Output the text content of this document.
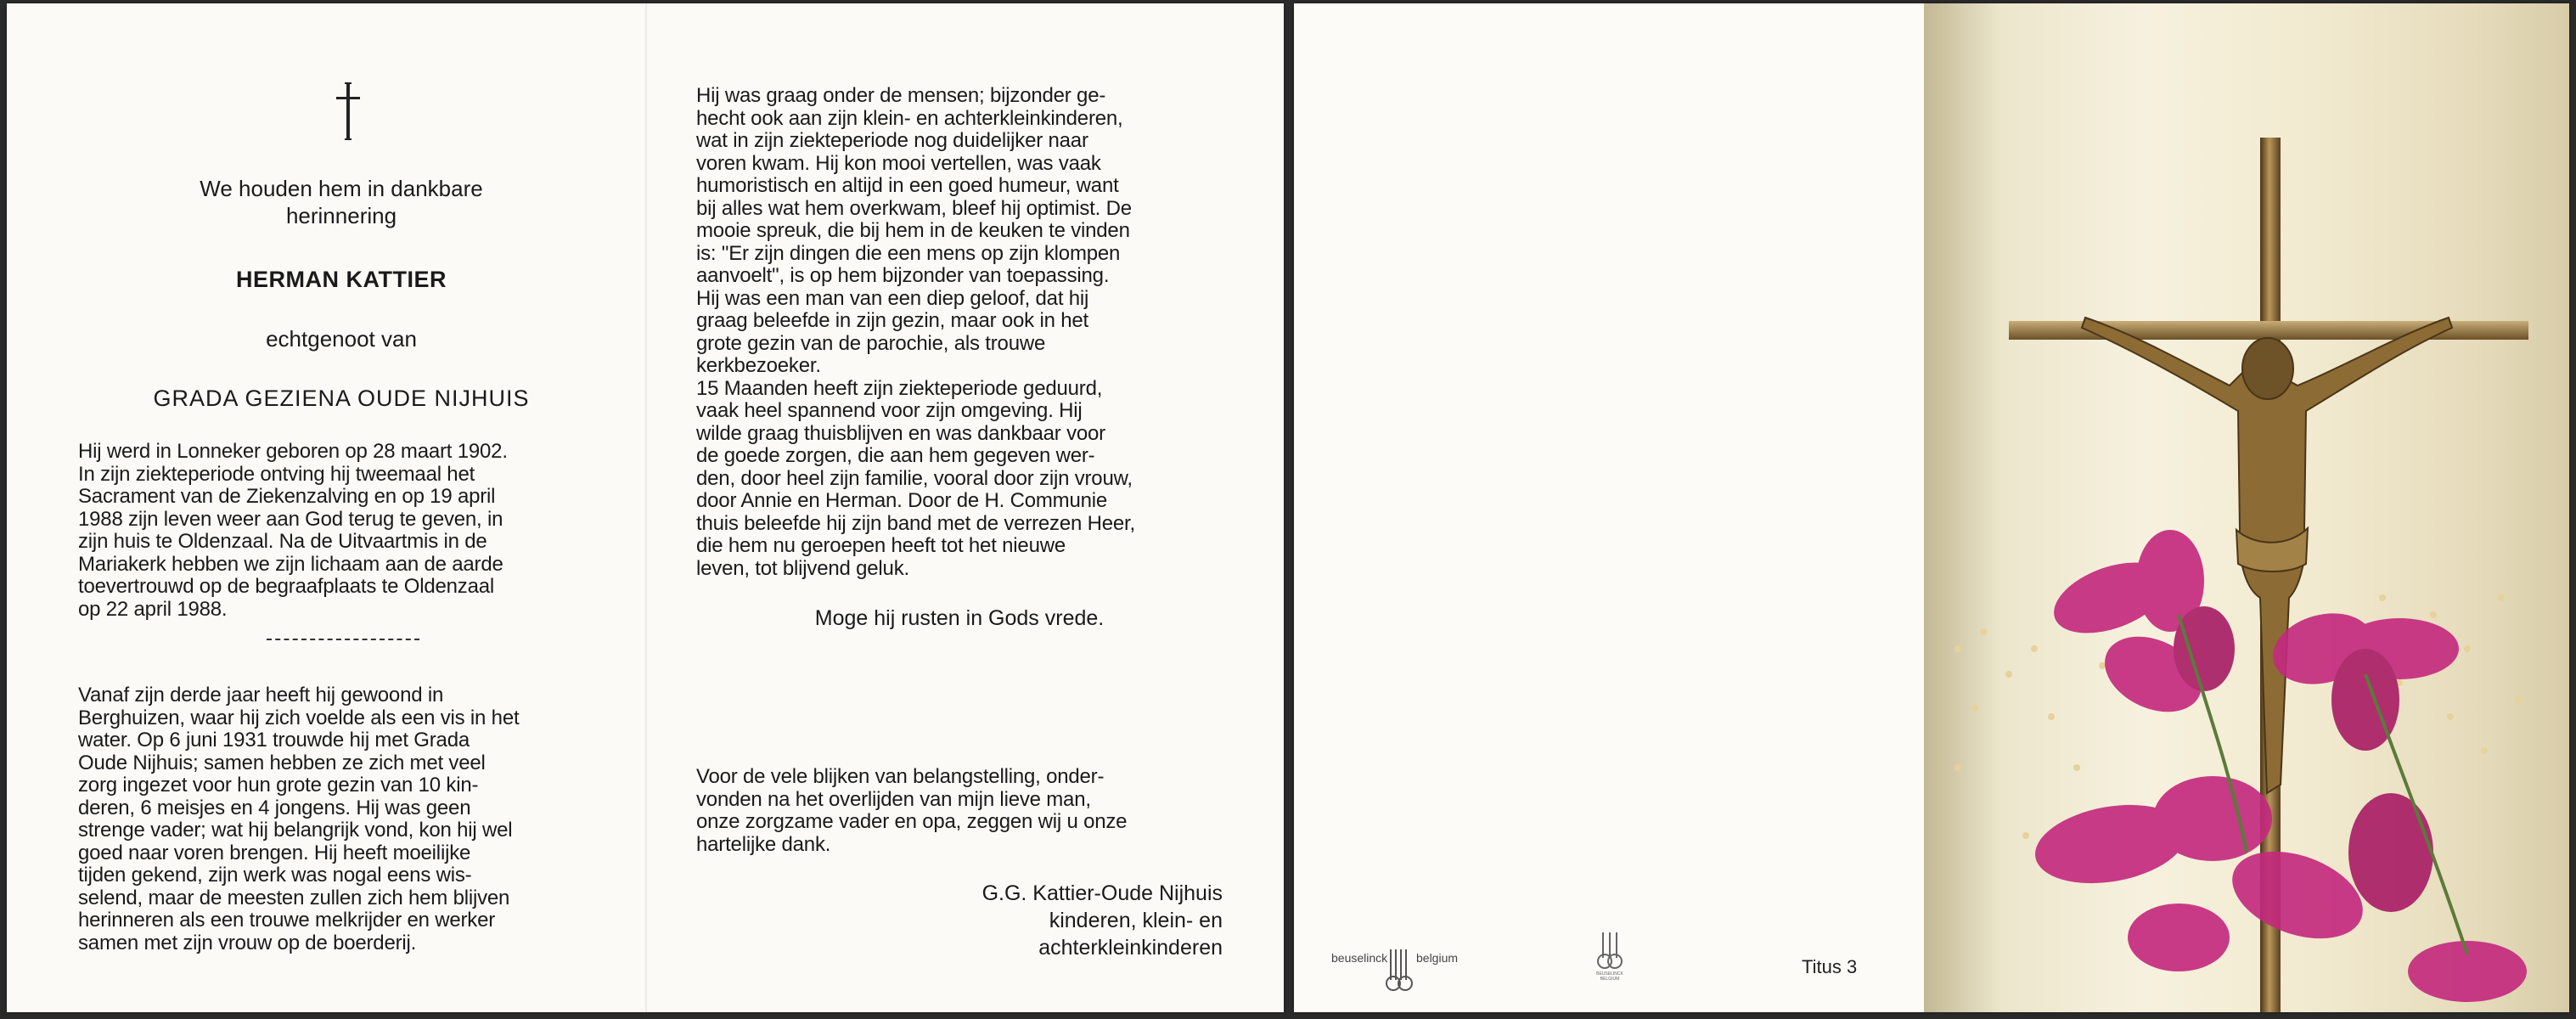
We houden hem in dankbare
herinnering
HERMAN KATTIER
echtgenoot van
GRADA GEZIENA OUDE NIJHUIS
Hij werd in Lonneker geboren op 28 maart 1902.
In zijn ziekteperiode ontving hij tweemaal het
Sacrament van de Ziekenzalving en op 19 april
1988 zijn leven weer aan God terug te geven, in
zijn huis te Oldenzaal. Na de Uitvaartmis in de
Mariakerk hebben we zijn lichaam aan de aarde
toevertrouwd op de begraafplaats te Oldenzaal
op 22 april 1988.
Vanaf zijn derde jaar heeft hij gewoond in
Berghuizen, waar hij zich voelde als een vis in het
water. Op 6 juni 1931 trouwde hij met Grada
Oude Nijhuis; samen hebben ze zich met veel
zorg ingezet voor hun grote gezin van 10 kin-
deren, 6 meisjes en 4 jongens. Hij was geen
strenge vader; wat hij belangrijk vond, kon hij wel
goed naar voren brengen. Hij heeft moeilijke
tijden gekend, zijn werk was nogal eens wis-
selend, maar de meesten zullen zich hem blijven
herinneren als een trouwe melkrijder en werker
samen met zijn vrouw op de boerderij.
Hij was graag onder de mensen; bijzonder ge-
hecht ook aan zijn klein- en achterkleinkinderen,
wat in zijn ziekteperiode nog duidelijker naar
voren kwam. Hij kon mooi vertellen, was vaak
humoristisch en altijd in een goed humeur, want
bij alles wat hem overkwam, bleef hij optimist. De
mooie spreuk, die bij hem in de keuken te vinden
is: "Er zijn dingen die een mens op zijn klompen
aanvoelt", is op hem bijzonder van toepassing.
Hij was een man van een diep geloof, dat hij
graag beleefde in zijn gezin, maar ook in het
grote gezin van de parochie, als trouwe
kerkbezoeker.
15 Maanden heeft zijn ziekteperiode geduurd,
vaak heel spannend voor zijn omgeving. Hij
wilde graag thuisblijven en was dankbaar voor
de goede zorgen, die aan hem gegeven wer-
den, door heel zijn familie, vooral door zijn vrouw,
door Annie en Herman. Door de H. Communie
thuis beleefde hij zijn band met de verrezen Heer,
die hem nu geroepen heeft tot het nieuwe
leven, tot blijvend geluk.
Moge hij rusten in Gods vrede.
Voor de vele blijken van belangstelling, onder-
vonden na het overlijden van mijn lieve man,
onze zorgzame vader en opa, zeggen wij u onze
hartelijke dank.
G.G. Kattier-Oude Nijhuis
kinderen, klein- en
achterkleinkinderen	beuselinck belgium
BEUSELINCK
BELGIUM
Titus 3
